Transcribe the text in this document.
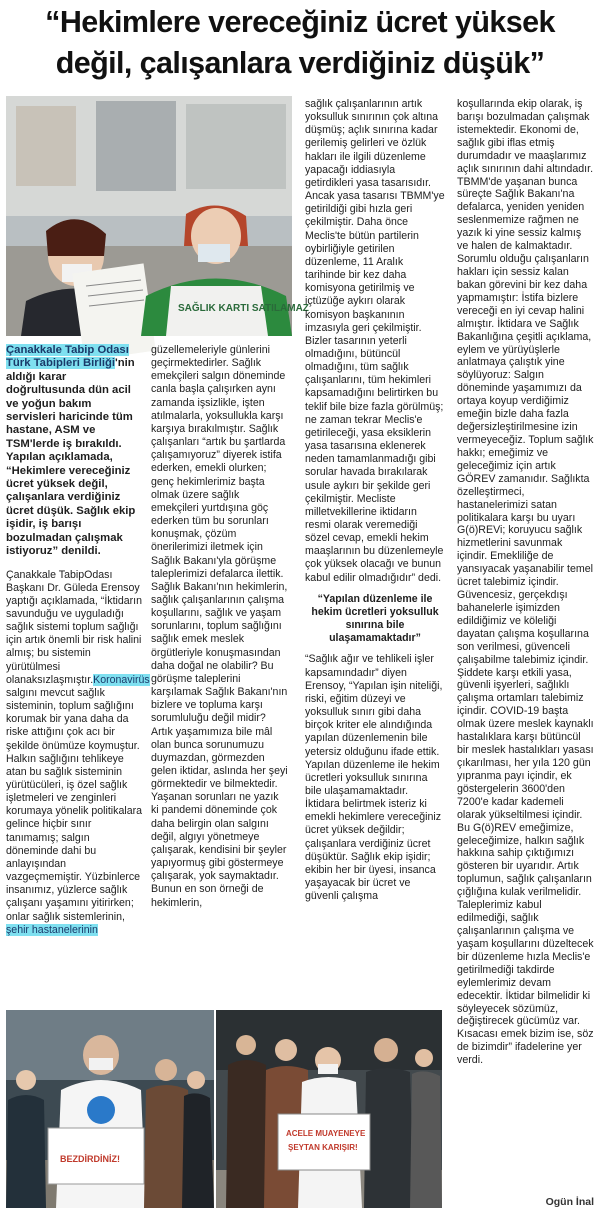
“Hekimlere vereceğiniz ücret yüksek değil, çalışanlara verdiğiniz düşük”
SAĞLIK KARTI SATILAMAZ

Çanakkale Tabip Odası Türk Tabipleri Birliği'nin aldığı karar doğrultusunda dün acil ve yoğun bakım servisleri haricinde tüm hastane, ASM ve TSM'lerde iş bırakıldı. Yapılan açıklamada, “Hekimlere vereceğiniz ücret yüksek değil, çalışanlara verdiğiniz ücret düşük. Sağlık ekip işidir, iş barışı bozulmadan çalışmak istiyoruz” denildi.

Çanakkale TabipOdası Başkanı Dr. Güleda Erensoy yaptığı açıklamada, “İktidarın savunduğu ve uyguladığı sağlık sistemi toplum sağlığı için artık önemli bir risk halini almış; bu sistemin yürütülmesi olanaksızlaşmıştır.Koronavirüs salgını mevcut sağlık sisteminin, toplum sağlığını korumak bir yana daha da riske attığını çok acı bir şekilde önümüze koymuştur. Halkın sağlığını tehlikeye atan bu sağlık sisteminin yürütücüleri, iş özel sağlık işletmeleri ve zenginleri korumaya yönelik politikalara gelince hiçbir sınır tanımamış; salgın döneminde dahi bu anlayışından vazgeçmemiştir. Yüzbinlerce insanımız, yüzlerce sağlık çalışanı yaşamını yitirirken; onlar sağlık sistemlerinin, şehir hastanelerinin

güzellemeleriyle günlerini geçirmektedirler. Sağlık emekçileri salgın döneminde canla başla çalışırken aynı zamanda işsizlikle, işten atılmalarla, yoksullukla karşı karşıya bırakılmıştır. Sağlık çalışanları “artık bu şartlarda çalışamıyoruz” diyerek istifa ederken, emekli olurken; genç hekimlerimiz başta olmak üzere sağlık emekçileri yurtdışına göç ederken tüm bu sorunları konuşmak, çözüm önerilerimizi iletmek için Sağlık Bakanı'yla görüşme taleplerimizi defalarca ilettik. Sağlık Bakanı'nın hekimlerin, sağlık çalışanlarının çalışma koşullarını, sağlık ve yaşam sorunlarını, toplum sağlığını sağlık emek meslek örgütleriyle konuşmasından daha doğal ne olabilir? Bu görüşme taleplerini karşılamak Sağlık Bakanı'nın bizlere ve topluma karşı sorumluluğu değil midir? Artık yaşamımıza bile mâl olan bunca sorunumuzu duymazdan, görmezden gelen iktidar, aslında her şeyi görmektedir ve bilmektedir. Yaşanan sorunları ne yazık ki pandemi döneminde çok daha belirgin olan salgını değil, algıyı yönetmeye çalışarak, kendisini bir şeyler yapıyormuş gibi göstermeye çalışarak, yok saymaktadır. Bunun en son örneği de hekimlerin,

sağlık çalışanlarının artık yoksulluk sınırının çok altına düşmüş; açlık sınırına kadar gerilemiş gelirleri ve özlük hakları ile ilgili düzenleme yapacağı iddiasıyla getirdikleri yasa tasarısıdır. Ancak yasa tasarısı TBMM'ye getirildiği gibi hızla geri çekilmiştir. Daha önce Meclis'te bütün partilerin oybirliğiyle getirilen düzenleme, 11 Aralık tarihinde bir kez daha komisyona getirilmiş ve içtüzüğe aykırı olarak komisyon başkanının imzasıyla geri çekilmiştir. Bizler tasarının yeterli olmadığını, bütüncül olmadığını, tüm sağlık çalışanlarını, tüm hekimleri kapsamadığını belirtirken bu teklif bile bize fazla görülmüş; ne zaman tekrar Meclis'e getirileceği, yasa eksiklerin yasa tasarısına eklenerek neden tamamlanmadığı gibi sorular havada bırakılarak usule aykırı bir şekilde geri çekilmiştir. Mecliste milletvekillerine iktidarın resmi olarak veremediği sözel cevap, emekli hekim maaşlarının bu düzenlemeyle çok yüksek olacağı ve bunun kabul edilir olmadığıdır” dedi.

“Yapılan düzenleme ile hekim ücretleri yoksulluk sınırına bile ulaşamamaktadır”

“Sağlık ağır ve tehlikeli işler kapsamındadır” diyen Erensoy, “Yapılan işin niteliği, riski, eğitim düzeyi ve yoksulluk sınırı gibi daha birçok kriter ele alındığında yapılan düzenlemenin bile yetersiz olduğunu ifade ettik. Yapılan düzenleme ile hekim ücretleri yoksulluk sınırına bile ulaşamamaktadır. İktidara belirtmek isteriz ki emekli hekimlere vereceğiniz ücret yüksek değildir; çalışanlara verdiğiniz ücret düşüktür. Sağlık ekip işidir; ekibin her bir üyesi, insanca yaşayacak bir ücret ve güvenli çalışma

koşullarında ekip olarak, iş barışı bozulmadan çalışmak istemektedir. Ekonomi de, sağlık gibi iflas etmiş durumdadır ve maaşlarımız açlık sınırının dahi altındadır. TBMM'de yaşanan bunca süreçte Sağlık Bakanı'na defalarca, yeniden yeniden seslenmemize rağmen ne yazık ki yine sessiz kalmış ve halen de kalmaktadır. Sorumlu olduğu çalışanların hakları için sessiz kalan bakan görevini bir kez daha yapmamıştır: İstifa bizlere vereceği en iyi cevap halini almıştır. İktidara ve Sağlık Bakanlığına çeşitli açıklama, eylem ve yürüyüşlerle anlatmaya çalıştık yine söylüyoruz: Salgın döneminde yaşamımızı da ortaya koyup verdiğimiz emeğin bizle daha fazla değersizleştirilmesine izin vermeyeceğiz. Toplum sağlık hakkı; emeğimiz ve geleceğimiz için artık GÖREV zamanıdır. Sağlıkta özelleştirmeci, hastanelerimizi satan politikalara karşı bu uyarı G(ö)REVi; koruyucu sağlık hizmetlerini savunmak içindir. Emekliliğe de yansıyacak yaşanabilir temel ücret talebimiz içindir. Güvencesiz, gerçekdışı bahanelerle işimizden edildiğimiz ve köleliği dayatan çalışma koşullarına son verilmesi, güvenceli çalışabilme talebimiz içindir. Şiddete karşı etkili yasa, güvenli işyerleri, sağlıklı çalışma ortamları talebimiz içindir. COVID-19 başta olmak üzere meslek kaynaklı hastalıklara karşı bütüncül bir meslek hastalıkları yasası çıkarılması, her yıla 120 gün yıpranma payı içindir, ek göstergelerin 3600'den 7200'e kadar kademeli olarak yükseltilmesi içindir. Bu G(ö)REV emeğimize, geleceğimize, halkın sağlık hakkına sahip çıktığımızı gösteren bir uyarıdır. Artık toplumun, sağlık çalışanların çığlığına kulak verilmelidir. Taleplerimiz kabul edilmediği, sağlık çalışanlarının çalışma ve yaşam koşullarını düzeltecek bir düzenleme hızla Meclis'e getirilmediği takdirde eylemlerimiz devam edecektir. İktidar bilmelidir ki söyleyecek sözümüz, değiştirecek gücümüz var. Kısacası emek bizim ise, söz de bizimdir” ifadelerine yer verdi.

BEZDİRDİNİZ!
ACELE MUAYENEYE
ŞEYTAN KARIŞIR!
Ogün İnal
